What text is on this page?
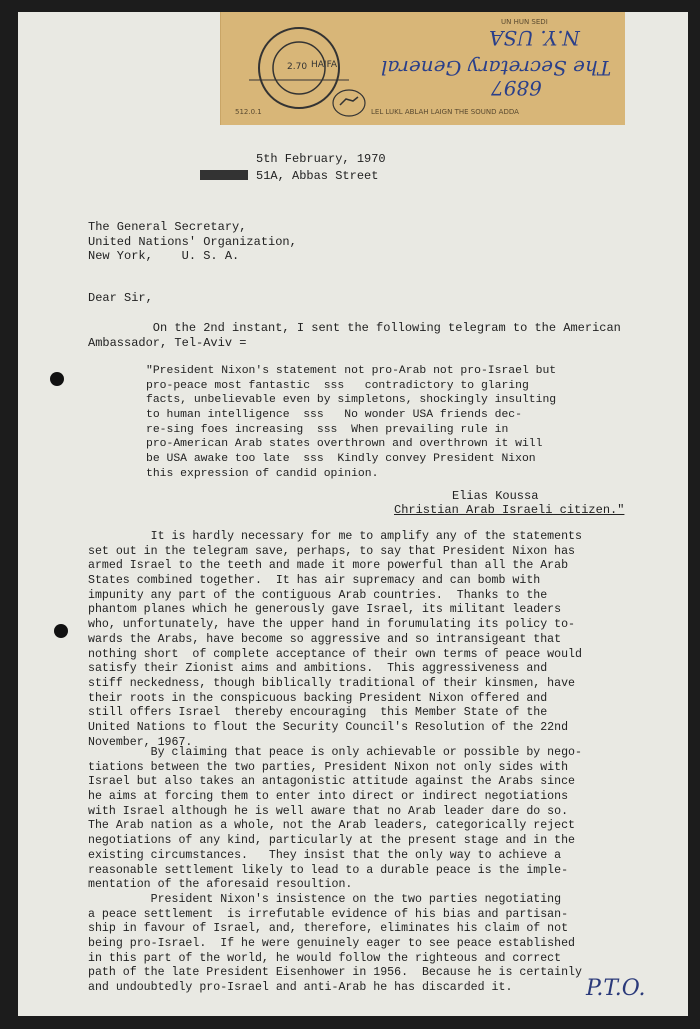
UN HUN SEDI
512.0.1	LEL LUKL ABLAH LAIGN THE SOUND ADDA
HAIFA
2.70
6897
The Secretary General
N.Y. USA
5th February, 1970
51A, Abbas Street
The General Secretary,
United Nations' Organization,
New York,    U. S. A.
Dear Sir,
On the 2nd instant, I sent the following telegram to the American
Ambassador, Tel-Aviv =
"President Nixon's statement not pro-Arab not pro-Israel but
pro-peace most fantastic  sss   contradictory to glaring
facts, unbelievable even by simpletons, shockingly insulting
to human intelligence  sss   No wonder USA friends dec-
re-sing foes increasing  sss  When prevailing rule in
pro-American Arab states overthrown and overthrown it will
be USA awake too late  sss  Kindly convey President Nixon
this expression of candid opinion.
Elias Koussa
Christian Arab Israeli citizen."
It is hardly necessary for me to amplify any of the statements
set out in the telegram save, perhaps, to say that President Nixon has
armed Israel to the teeth and made it more powerful than all the Arab
States combined together.  It has air supremacy and can bomb with
impunity any part of the contiguous Arab countries.  Thanks to the
phantom planes which he generously gave Israel, its militant leaders
who, unfortunately, have the upper hand in forumulating its policy to-
wards the Arabs, have become so aggressive and so intransigeant that
nothing short  of complete acceptance of their own terms of peace would
satisfy their Zionist aims and ambitions.  This aggressiveness and
stiff neckedness, though biblically traditional of their kinsmen, have
their roots in the conspicuous backing President Nixon offered and
still offers Israel  thereby encouraging  this Member State of the
United Nations to flout the Security Council's Resolution of the 22nd
November, 1967.
By claiming that peace is only achievable or possible by nego-
tiations between the two parties, President Nixon not only sides with
Israel but also takes an antagonistic attitude against the Arabs since
he aims at forcing them to enter into direct or indirect negotiations
with Israel although he is well aware that no Arab leader dare do so.
The Arab nation as a whole, not the Arab leaders, categorically reject
negotiations of any kind, particularly at the present stage and in the
existing circumstances.   They insist that the only way to achieve a
reasonable settlement likely to lead to a durable peace is the imple-
mentation of the aforesaid resoultion.
President Nixon's insistence on the two parties negotiating
a peace settlement  is irrefutable evidence of his bias and partisan-
ship in favour of Israel, and, therefore, eliminates his claim of not
being pro-Israel.  If he were genuinely eager to see peace established
in this part of the world, he would follow the righteous and correct
path of the late President Eisenhower in 1956.  Because he is certainly
and undoubtedly pro-Israel and anti-Arab he has discarded it.	P.T.O.
